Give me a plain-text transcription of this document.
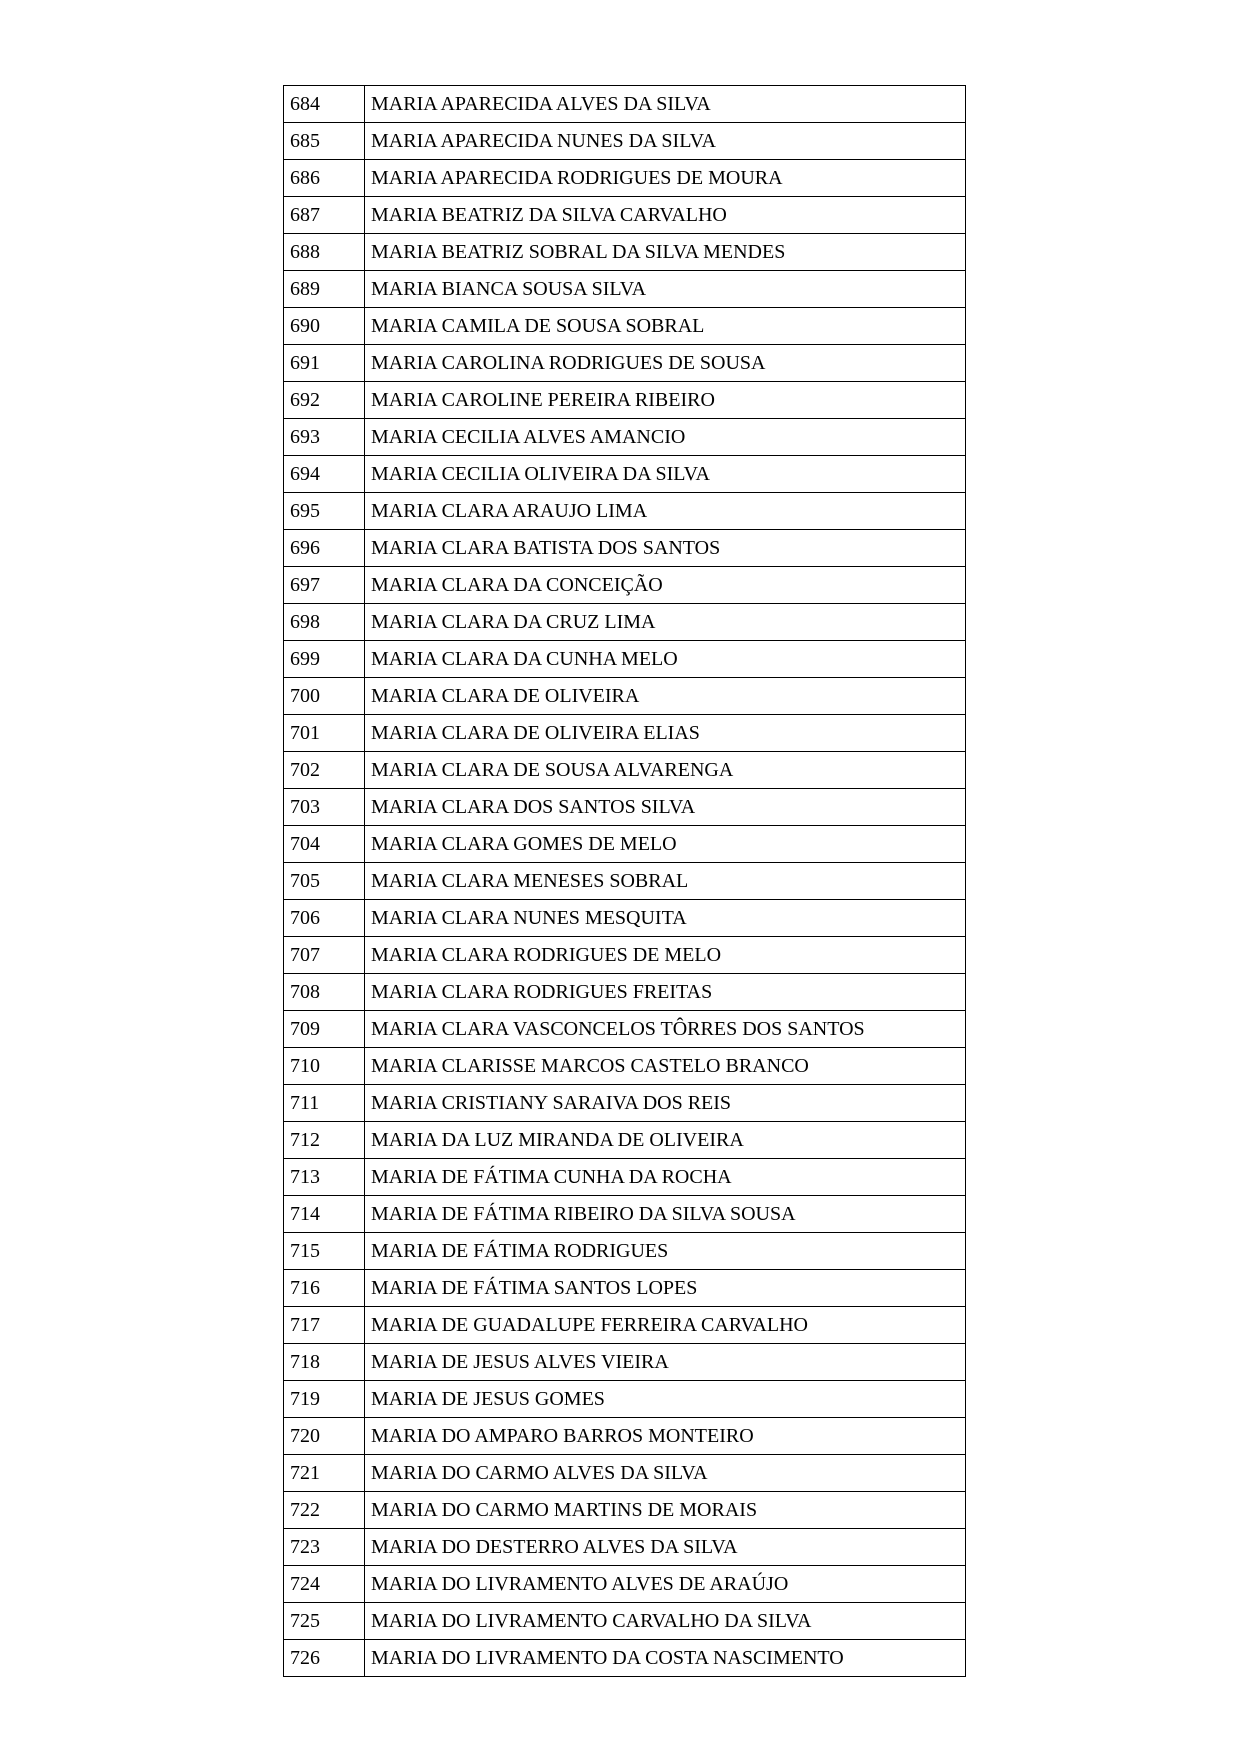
684	MARIA APARECIDA ALVES DA SILVA
685	MARIA APARECIDA NUNES DA SILVA
686	MARIA APARECIDA RODRIGUES DE MOURA
687	MARIA BEATRIZ DA SILVA CARVALHO
688	MARIA BEATRIZ SOBRAL DA SILVA MENDES
689	MARIA BIANCA SOUSA SILVA
690	MARIA CAMILA DE SOUSA SOBRAL
691	MARIA CAROLINA RODRIGUES DE SOUSA
692	MARIA CAROLINE PEREIRA RIBEIRO
693	MARIA CECILIA ALVES AMANCIO
694	MARIA CECILIA OLIVEIRA DA SILVA
695	MARIA CLARA ARAUJO LIMA
696	MARIA CLARA BATISTA DOS SANTOS
697	MARIA CLARA DA CONCEIÇÃO
698	MARIA CLARA DA CRUZ LIMA
699	MARIA CLARA DA CUNHA MELO
700	MARIA CLARA DE OLIVEIRA
701	MARIA CLARA DE OLIVEIRA ELIAS
702	MARIA CLARA DE SOUSA ALVARENGA
703	MARIA CLARA DOS SANTOS SILVA
704	MARIA CLARA GOMES DE MELO
705	MARIA CLARA MENESES SOBRAL
706	MARIA CLARA NUNES MESQUITA
707	MARIA CLARA RODRIGUES DE MELO
708	MARIA CLARA RODRIGUES FREITAS
709	MARIA CLARA VASCONCELOS TÔRRES DOS SANTOS
710	MARIA CLARISSE MARCOS CASTELO BRANCO
711	MARIA CRISTIANY SARAIVA DOS REIS
712	MARIA DA LUZ MIRANDA DE OLIVEIRA
713	MARIA DE FÁTIMA CUNHA DA ROCHA
714	MARIA DE FÁTIMA RIBEIRO DA SILVA SOUSA
715	MARIA DE FÁTIMA RODRIGUES
716	MARIA DE FÁTIMA SANTOS LOPES
717	MARIA DE GUADALUPE FERREIRA CARVALHO
718	MARIA DE JESUS ALVES VIEIRA
719	MARIA DE JESUS GOMES
720	MARIA DO AMPARO BARROS MONTEIRO
721	MARIA DO CARMO ALVES DA SILVA
722	MARIA DO CARMO MARTINS DE MORAIS
723	MARIA DO DESTERRO ALVES DA SILVA
724	MARIA DO LIVRAMENTO ALVES DE ARAÚJO
725	MARIA DO LIVRAMENTO CARVALHO DA SILVA
726	MARIA DO LIVRAMENTO DA COSTA NASCIMENTO
